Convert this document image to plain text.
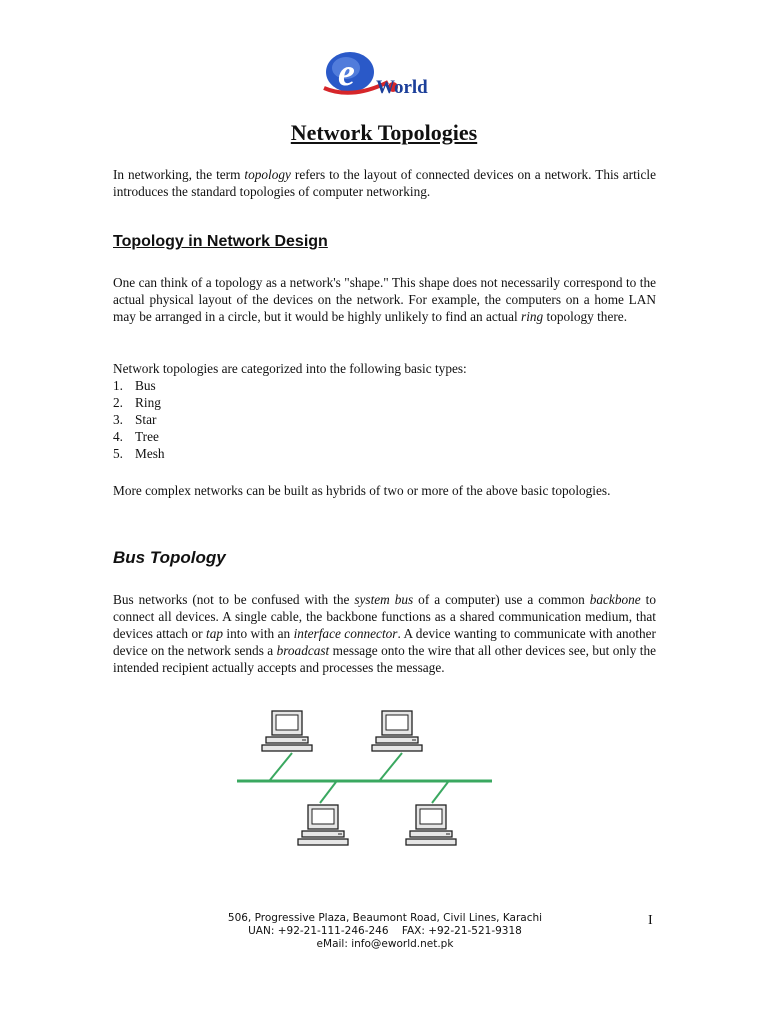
e World
Network Topologies
In networking, the term topology refers to the layout of connected devices on a network. This article introduces the standard topologies of computer networking.
Topology in Network Design
One can think of a topology as a network's "shape." This shape does not necessarily correspond to the actual physical layout of the devices on the network. For example, the computers on a home LAN may be arranged in a circle, but it would be highly unlikely to find an actual ring topology there.
Network topologies are categorized into the following basic types:
1. Bus
2. Ring
3. Star
4. Tree
5. Mesh
More complex networks can be built as hybrids of two or more of the above basic topologies.
Bus Topology
Bus networks (not to be confused with the system bus of a computer) use a common backbone to connect all devices. A single cable, the backbone functions as a shared communication medium, that devices attach or tap into with an interface connector. A device wanting to communicate with another device on the network sends a broadcast message onto the wire that all other devices see, but only the intended recipient actually accepts and processes the message.
506, Progressive Plaza, Beaumont Road, Civil Lines, Karachi
UAN: +92-21-111-246-246    FAX: +92-21-521-9318
eMail: info@eworld.net.pk
I
